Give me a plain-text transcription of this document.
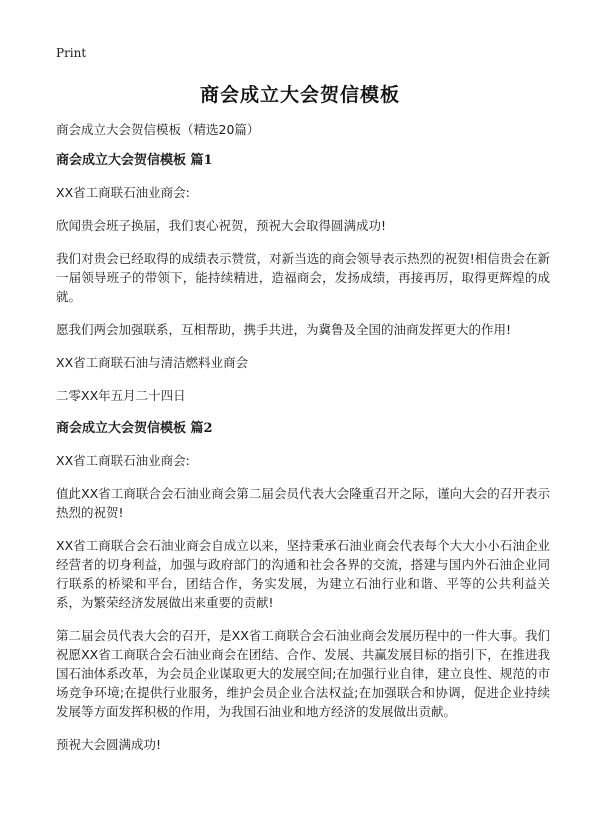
Print
商会成立大会贺信模板

商会成立大会贺信模板（精选20篇）

商会成立大会贺信模板 篇1

XX省工商联石油业商会:

欣闻贵会班子换届，我们衷心祝贺，预祝大会取得圆满成功!

我们对贵会已经取得的成绩表示赞赏，对新当选的商会领导表示热烈的祝贺!相信贵会在新一届领导班子的带领下，能持续精进，造福商会，发扬成绩，再接再厉，取得更辉煌的成就。

愿我们两会加强联系，互相帮助，携手共进，为冀鲁及全国的油商发挥更大的作用!

XX省工商联石油与清洁燃料业商会

二零XX年五月二十四日

商会成立大会贺信模板 篇2

XX省工商联石油业商会:

值此XX省工商联合会石油业商会第二届会员代表大会隆重召开之际，谨向大会的召开表示热烈的祝贺!

XX省工商联合会石油业商会自成立以来，坚持秉承石油业商会代表每个大大小小石油企业经营者的切身利益，加强与政府部门的沟通和社会各界的交流，搭建与国内外石油企业同行联系的桥梁和平台，团结合作，务实发展，为建立石油行业和谐、平等的公共利益关系，为繁荣经济发展做出来重要的贡献!

第二届会员代表大会的召开，是XX省工商联合会石油业商会发展历程中的一件大事。我们祝愿XX省工商联合会石油业商会在团结、合作、发展、共赢发展目标的指引下，在推进我国石油体系改革，为会员企业谋取更大的发展空间;在加强行业自律，建立良性、规范的市场竞争环境;在提供行业服务，维护会员企业合法权益;在加强联合和协调，促进企业持续发展等方面发挥积极的作用，为我国石油业和地方经济的发展做出贡献。

预祝大会圆满成功!
